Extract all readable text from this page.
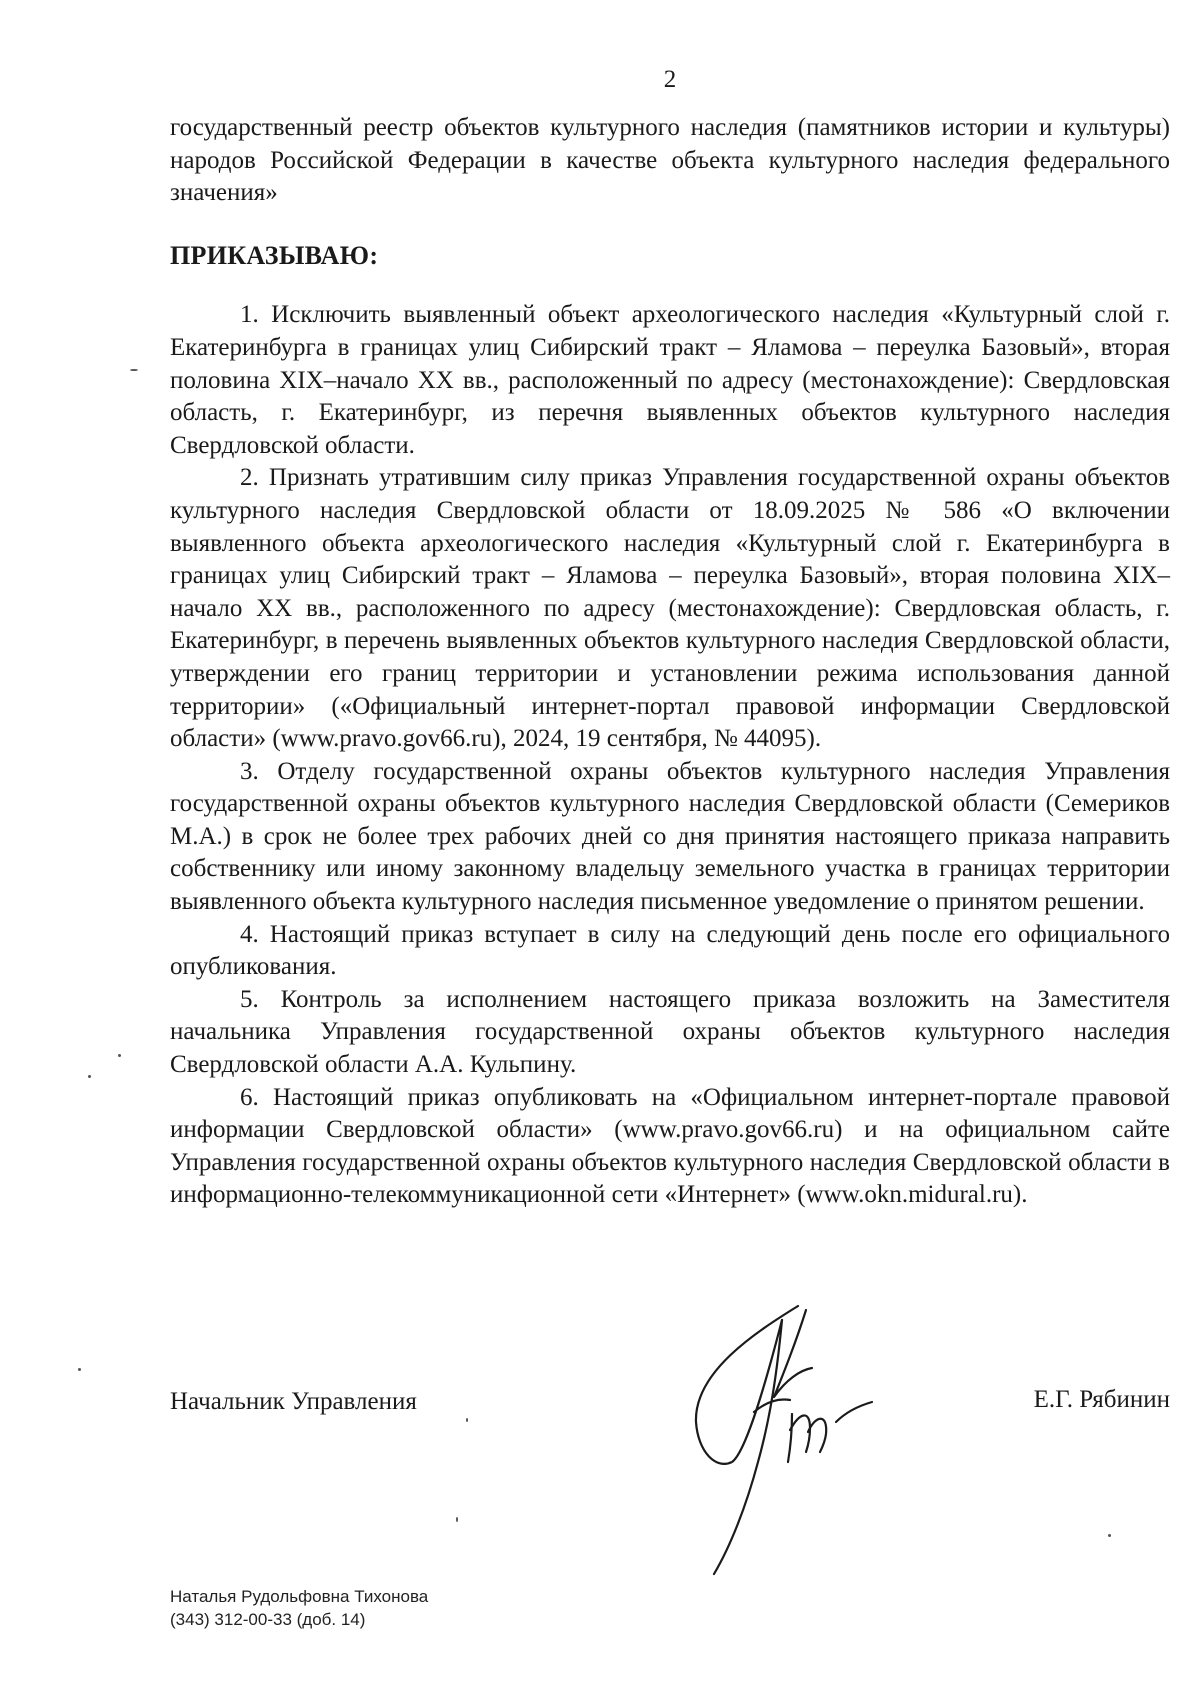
2

государственный реестр объектов культурного наследия (памятников истории и культуры) народов Российской Федерации в качестве объекта культурного наследия федерального значения»

ПРИКАЗЫВАЮ:

1. Исключить выявленный объект археологического наследия «Культурный слой г. Екатеринбурга в границах улиц Сибирский тракт – Яламова – переулка Базовый», вторая половина XIX–начало XX вв., расположенный по адресу (местонахождение): Свердловская область, г. Екатеринбург, из перечня выявленных объектов культурного наследия Свердловской области.

2. Признать утратившим силу приказ Управления государственной охраны объектов культурного наследия Свердловской области от 18.09.2025 № 586 «О включении выявленного объекта археологического наследия «Культурный слой г. Екатеринбурга в границах улиц Сибирский тракт – Яламова – переулка Базовый», вторая половина XIX–начало XX вв., расположенного по адресу (местонахождение): Свердловская область, г. Екатеринбург, в перечень выявленных объектов культурного наследия Свердловской области, утверждении его границ территории и установлении режима использования данной территории» («Официальный интернет-портал правовой информации Свердловской области» (www.pravo.gov66.ru), 2024, 19 сентября, № 44095).

3. Отделу государственной охраны объектов культурного наследия Управления государственной охраны объектов культурного наследия Свердловской области (Семериков М.А.) в срок не более трех рабочих дней со дня принятия настоящего приказа направить собственнику или иному законному владельцу земельного участка в границах территории выявленного объекта культурного наследия письменное уведомление о принятом решении.

4. Настоящий приказ вступает в силу на следующий день после его официального опубликования.

5. Контроль за исполнением настоящего приказа возложить на Заместителя начальника Управления государственной охраны объектов культурного наследия Свердловской области А.А. Кульпину.

6. Настоящий приказ опубликовать на «Официальном интернет-портале правовой информации Свердловской области» (www.pravo.gov66.ru) и на официальном сайте Управления государственной охраны объектов культурного наследия Свердловской области в информационно-телекоммуникационной сети «Интернет» (www.okn.midural.ru).

Начальник Управления	Е.Г. Рябинин
Наталья Рудольфовна Тихонова
(343) 312-00-33 (доб. 14)
